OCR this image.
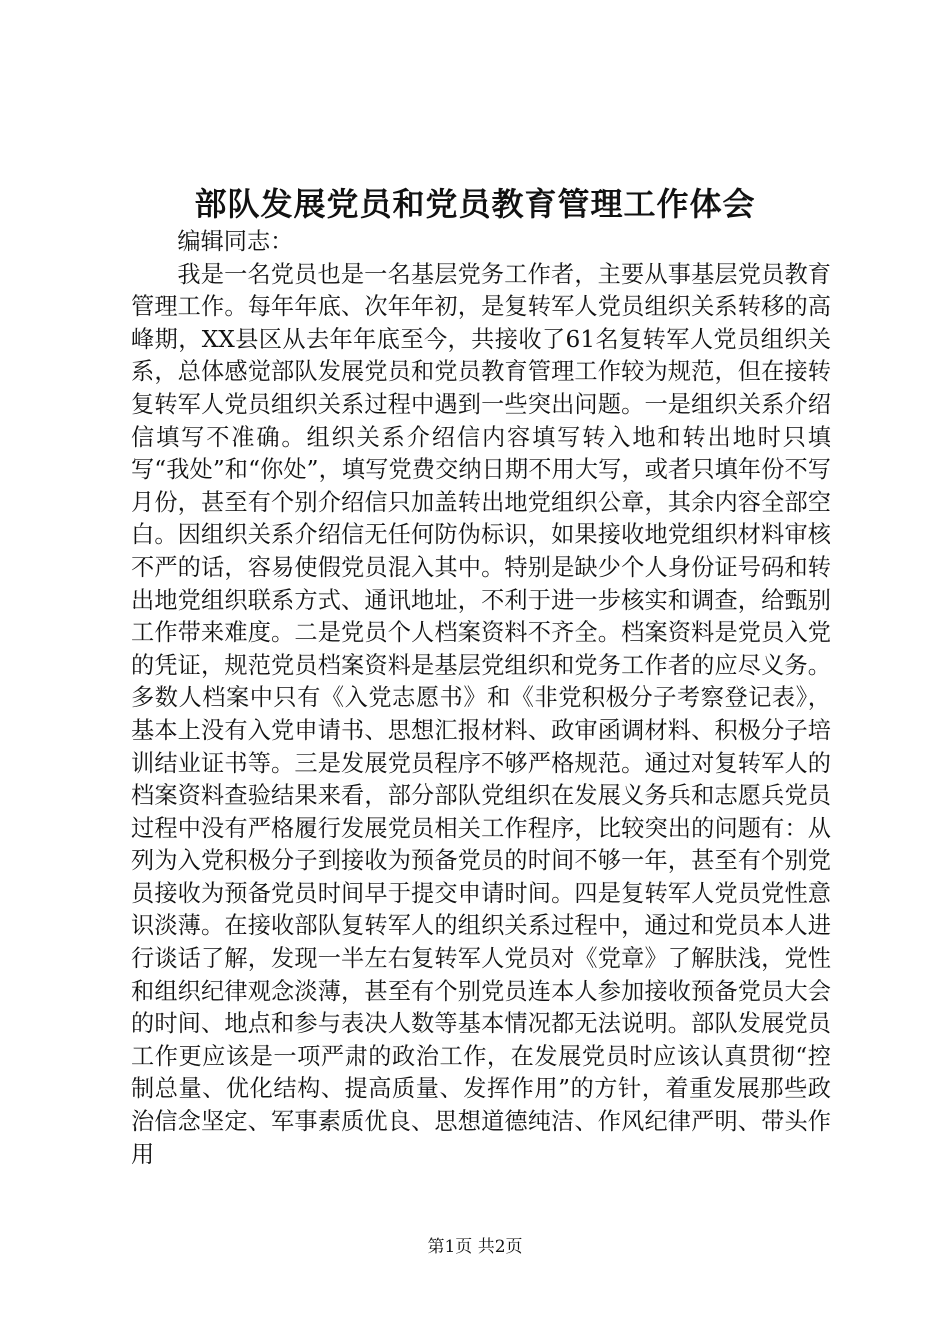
部队发展党员和党员教育管理工作体会

编辑同志：

我是一名党员也是一名基层党务工作者，主要从事基层党员教育管理工作。每年年底、次年年初，是复转军人党员组织关系转移的高峰期，XX县区从去年年底至今，共接收了61名复转军人党员组织关系，总体感觉部队发展党员和党员教育管理工作较为规范，但在接转复转军人党员组织关系过程中遇到一些突出问题。一是组织关系介绍信填写不准确。组织关系介绍信内容填写转入地和转出地时只填写“我处”和“你处”，填写党费交纳日期不用大写，或者只填年份不写月份，甚至有个别介绍信只加盖转出地党组织公章，其余内容全部空白。因组织关系介绍信无任何防伪标识，如果接收地党组织材料审核不严的话，容易使假党员混入其中。特别是缺少个人身份证号码和转出地党组织联系方式、通讯地址，不利于进一步核实和调查，给甄别工作带来难度。二是党员个人档案资料不齐全。档案资料是党员入党的凭证，规范党员档案资料是基层党组织和党务工作者的应尽义务。多数人档案中只有《入党志愿书》和《非党积极分子考察登记表》，基本上没有入党申请书、思想汇报材料、政审函调材料、积极分子培训结业证书等。三是发展党员程序不够严格规范。通过对复转军人的档案资料查验结果来看，部分部队党组织在发展义务兵和志愿兵党员过程中没有严格履行发展党员相关工作程序，比较突出的问题有：从列为入党积极分子到接收为预备党员的时间不够一年，甚至有个别党员接收为预备党员时间早于提交申请时间。四是复转军人党员党性意识淡薄。在接收部队复转军人的组织关系过程中，通过和党员本人进行谈话了解，发现一半左右复转军人党员对《党章》了解肤浅，党性和组织纪律观念淡薄，甚至有个别党员连本人参加接收预备党员大会的时间、地点和参与表决人数等基本情况都无法说明。部队发展党员工作更应该是一项严肃的政治工作，在发展党员时应该认真贯彻“控制总量、优化结构、提高质量、发挥作用”的方针，着重发展那些政治信念坚定、军事素质优良、思想道德纯洁、作风纪律严明、带头作用

第1页 共2页
